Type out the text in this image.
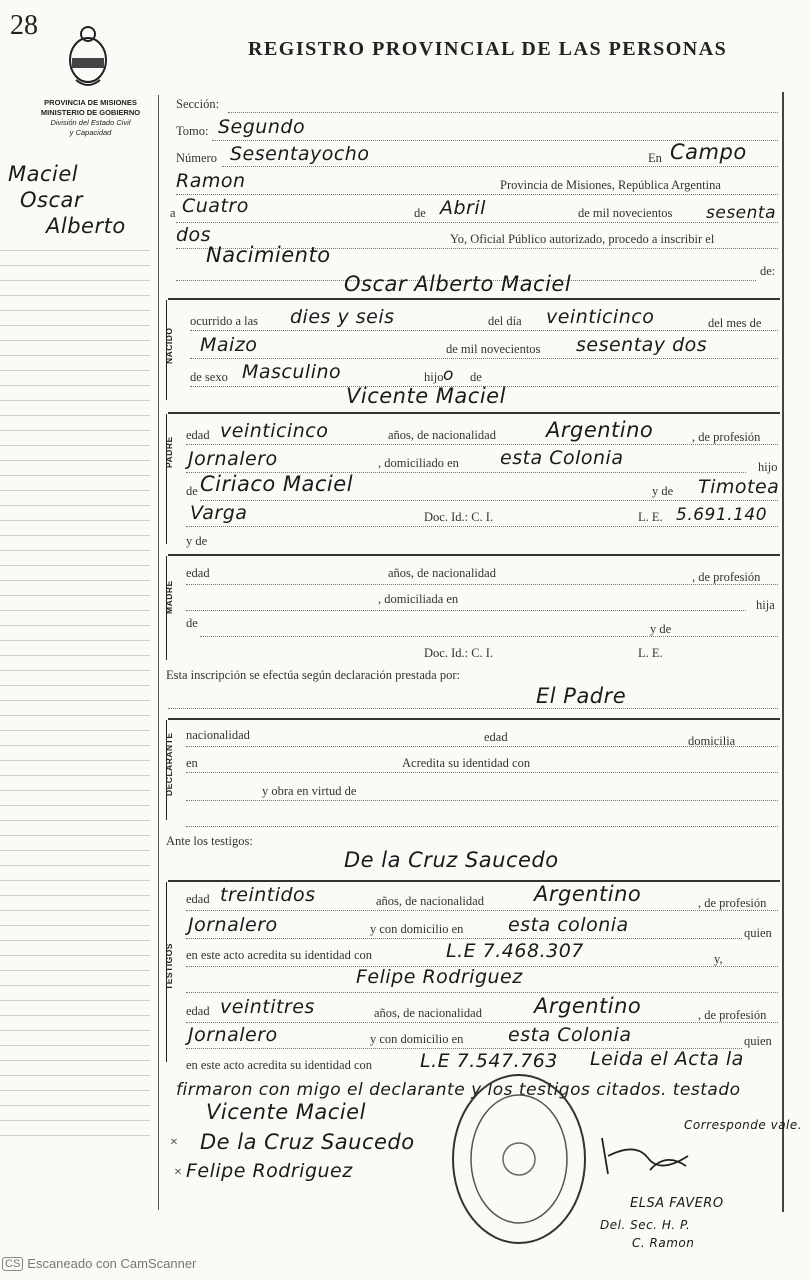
28
REGISTRO PROVINCIAL DE LAS PERSONAS
PROVINCIA DE MISIONES
MINISTERIO DE GOBIERNO
División del Estado Civil
y Capacidad
Maciel
Oscar
Alberto
Sección:
Tomo: Segundo
Número Sesentayocho	En Campo
Ramon	Provincia de Misiones, República Argentina
a Cuatro	de Abril	de mil novecientos sesenta
dos	Yo, Oficial Público autorizado, procedo a inscribir el
Nacimiento
de:
Oscar Alberto Maciel
NACIDO
ocurrido a las dies y seis	del día veinticinco	del mes de
Maizo	de mil novecientos sesentay dos
de sexo Masculino	hijo o de
Vicente Maciel
PADRE
edad veinticinco	años, de nacionalidad Argentino	, de profesión
Jornalero	, domiciliado en esta Colonia	hijo
de Ciriaco Maciel	y de Timotea
Varga	Doc. Id.: C. I.	L. E. 5.691.140
y de
MADRE
edad	años, de nacionalidad	, de profesión
, domiciliada en	hija
de	y de
Doc. Id.: C. I.	L. E.
Esta inscripción se efectúa según declaración prestada por:
El Padre
DECLARANTE nacionalidad	edad	domicilia
en	Acredita su identidad con
y obra en virtud de
Ante los testigos:
De la Cruz Saucedo
TESTIGOS
edad treintidos	años, de nacionalidad Argentino	, de profesión
Jornalero	y con domicilio en esta colonia	quien
en este acto acredita su identidad con	L.E 7.468.307	y,
Felipe Rodriguez
edad veintitres	años, de nacionalidad Argentino	, de profesión
Jornalero	y con domicilio en esta Colonia	quien
en este acto acredita su identidad con	L.E 7.547.763 Leida el Acta la
firmaron con migo el declarante y los testigos citados. testado
Corresponde vale.
Vicente Maciel
De la Cruz Saucedo
Felipe Rodriguez
×
×
ELSA FAVERO
Del. Sec. H. P.
C. Ramon
CS Escaneado con CamScanner
